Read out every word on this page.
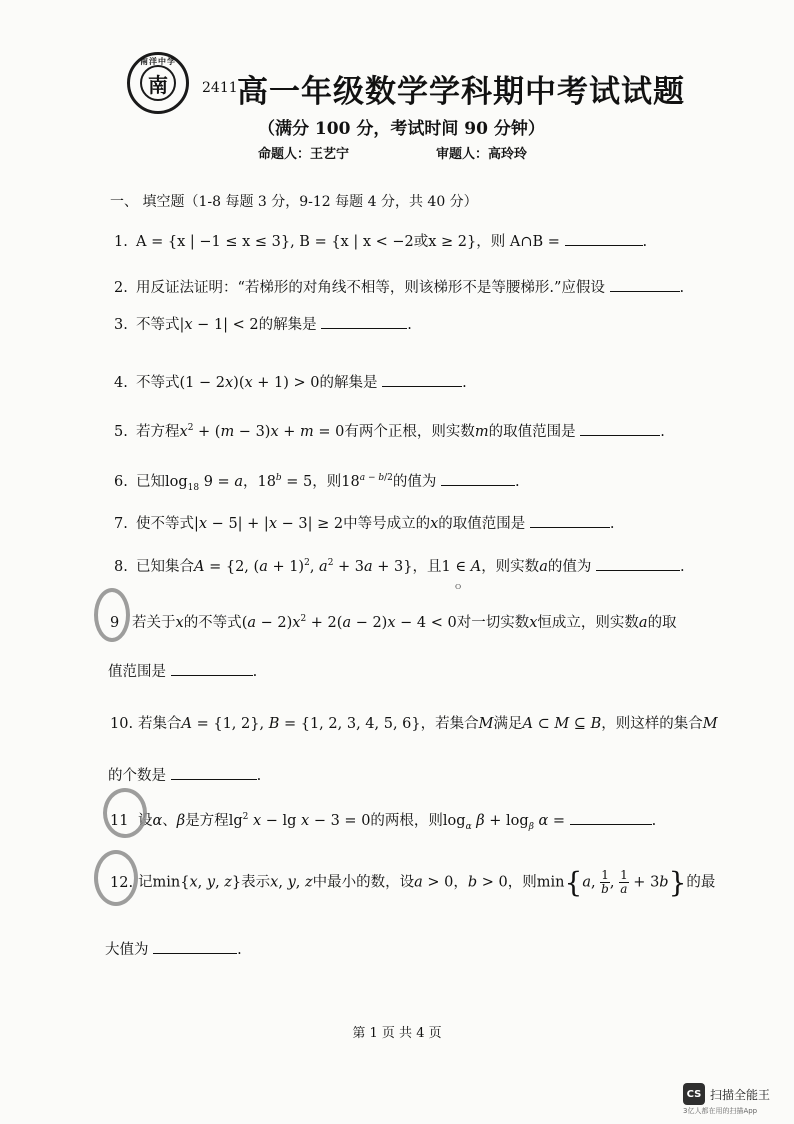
南洋中学
南 2411 高一年级数学学科期中考试试题
（满分 100 分，考试时间 90 分钟）
命题人：王艺宁	审题人：高玲玲
一、 填空题（1-8 每题 3 分，9-12 每题 4 分，共 40 分）
1. A = {x | −1 ≤ x ≤ 3}, B = {x | x < −2或x ≥ 2}，则 A∩B =	.
2. 用反证法证明：“若梯形的对角线不相等，则该梯形不是等腰梯形.”应假设	.
3. 不等式|x − 1| < 2的解集是	.
4. 不等式(1 − 2x)(x + 1) > 0的解集是	.
5. 若方程$x^2 + (m - 3)x + m = 0$有两个正根，则实数m的取值范围是	.
6. 已知$\log_{18} 9 = a$，$18^b = 5$，则$18^{a - b/2}$的值为	.
7. 使不等式|x − 5| + |x − 3| ≥ 2中等号成立的x的取值范围是	.
8. 已知集合A = {2, $(a + 1)^2$, $a^2 + 3a + 3$}，且1 ∈ A，则实数a的值为	.
ᴼ
9 若关于x的不等式$(a - 2)x^2 + 2(a - 2)x - 4 < 0$对一切实数x恒成立，则实数a的取
值范围是	.
10. 若集合A = {1, 2}, B = {1, 2, 3, 4, 5, 6}，若集合M满足A ⊂ M ⊆ B，则这样的集合M
的个数是	.
11 设α、β是方程$\lg^2 x - \lg x - 3 = 0$的两根，则$\log_\alpha \beta + \log_\beta \alpha$ =	.
12. 记min{x, y, z}表示x, y, z中最小的数，设a > 0，b > 0，则min{a, $\frac{1}{b}$ , $\frac{1}{a} + 3b$}的最
大值为	.
第 1 页 共 4 页
CS 扫描全能王
3亿人都在用的扫描App
